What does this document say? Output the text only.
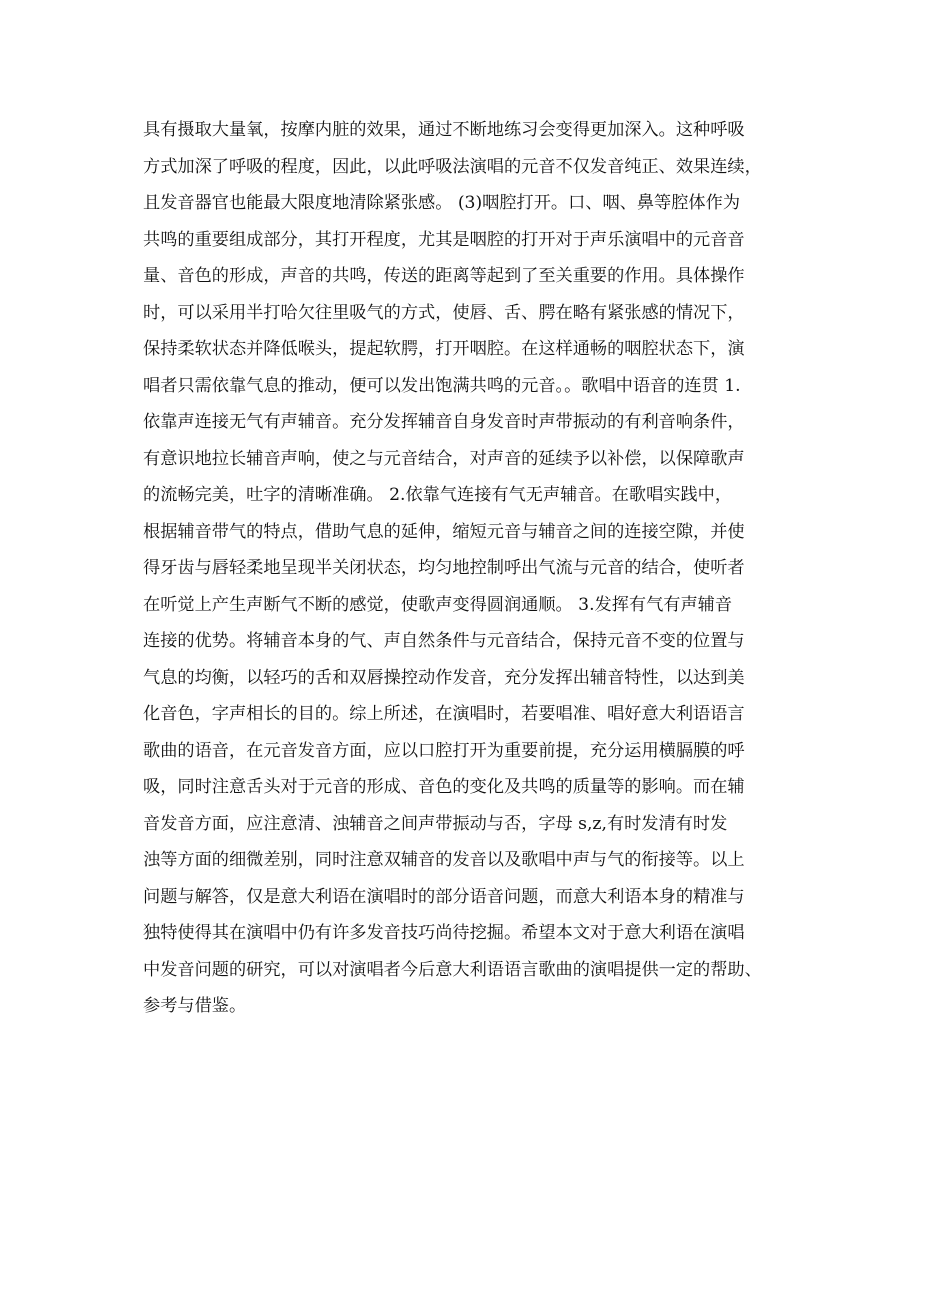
具有摄取大量氧，按摩内脏的效果，通过不断地练习会变得更加深入。这种呼吸
方式加深了呼吸的程度，因此，以此呼吸法演唱的元音不仅发音纯正、效果连续，
且发音器官也能最大限度地清除紧张感。 (3)咽腔打开。口、咽、鼻等腔体作为
共鸣的重要组成部分，其打开程度，尤其是咽腔的打开对于声乐演唱中的元音音
量、音色的形成，声音的共鸣，传送的距离等起到了至关重要的作用。具体操作
时，可以采用半打哈欠往里吸气的方式，使唇、舌、腭在略有紧张感的情况下，
保持柔软状态并降低喉头，提起软腭，打开咽腔。在这样通畅的咽腔状态下，演
唱者只需依靠气息的推动，便可以发出饱满共鸣的元音。。歌唱中语音的连贯 1.
依靠声连接无气有声辅音。充分发挥辅音自身发音时声带振动的有利音响条件，
有意识地拉长辅音声响，使之与元音结合，对声音的延续予以补偿，以保障歌声
的流畅完美，吐字的清晰准确。 2.依靠气连接有气无声辅音。在歌唱实践中，
根据辅音带气的特点，借助气息的延伸，缩短元音与辅音之间的连接空隙，并使
得牙齿与唇轻柔地呈现半关闭状态，均匀地控制呼出气流与元音的结合，使听者
在听觉上产生声断气不断的感觉，使歌声变得圆润通顺。 3.发挥有气有声辅音
连接的优势。将辅音本身的气、声自然条件与元音结合，保持元音不变的位置与
气息的均衡，以轻巧的舌和双唇操控动作发音，充分发挥出辅音特性，以达到美
化音色，字声相长的目的。综上所述，在演唱时，若要唱准、唱好意大利语语言
歌曲的语音，在元音发音方面，应以口腔打开为重要前提，充分运用横膈膜的呼
吸，同时注意舌头对于元音的形成、音色的变化及共鸣的质量等的影响。而在辅
音发音方面，应注意清、浊辅音之间声带振动与否，字母 s,z,有时发清有时发
浊等方面的细微差别，同时注意双辅音的发音以及歌唱中声与气的衔接等。以上
问题与解答，仅是意大利语在演唱时的部分语音问题，而意大利语本身的精准与
独特使得其在演唱中仍有许多发音技巧尚待挖掘。希望本文对于意大利语在演唱
中发音问题的研究，可以对演唱者今后意大利语语言歌曲的演唱提供一定的帮助、
参考与借鉴。
